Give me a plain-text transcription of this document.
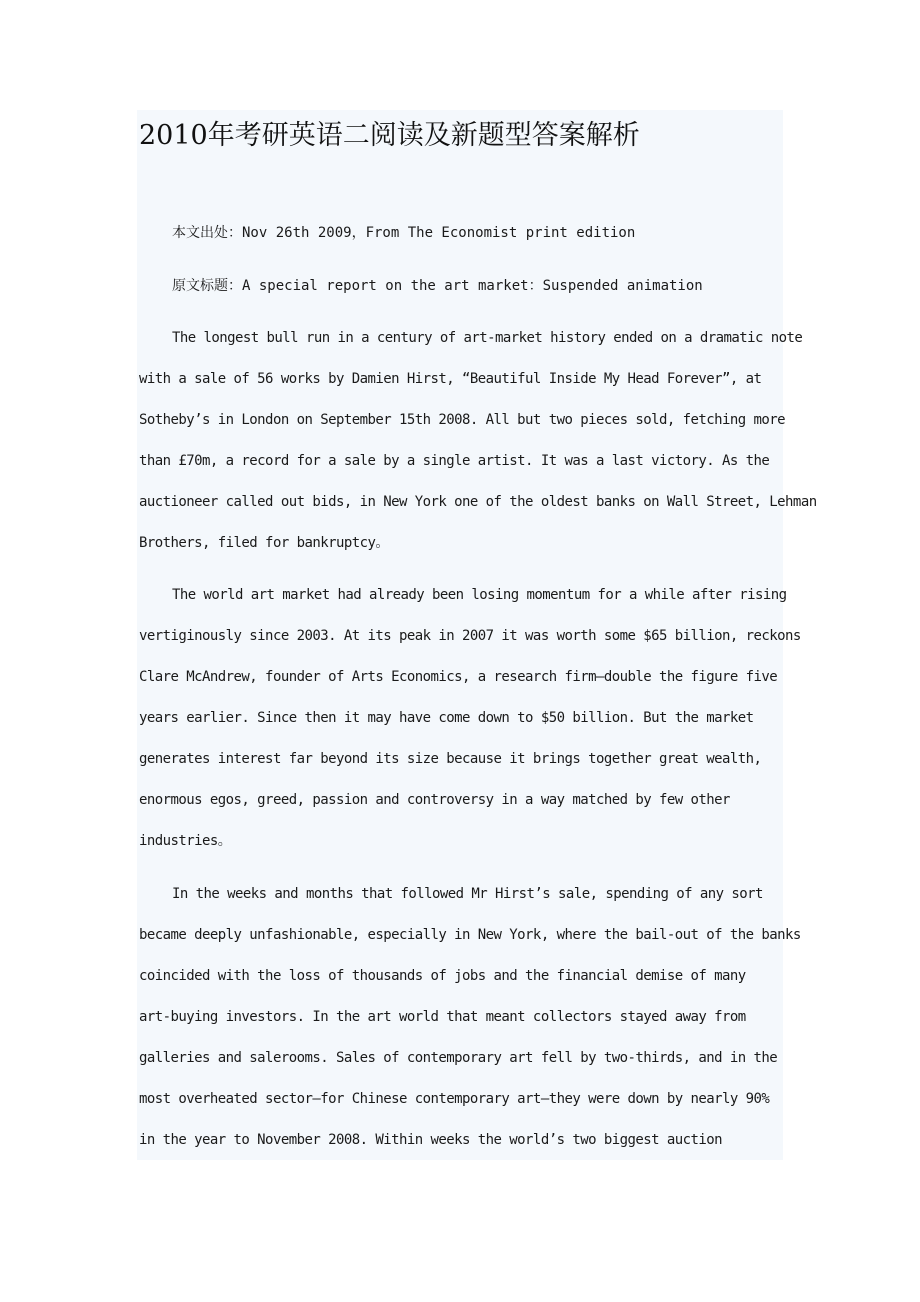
2010年考研英语二阅读及新题型答案解析

本文出处：Nov 26th 2009，From The Economist print edition

原文标题：A special report on the art market：Suspended animation

The longest bull run in a century of art-market history ended on a dramatic note

with a sale of 56 works by Damien Hirst, “Beautiful Inside My Head Forever”, at

Sotheby’s in London on September 15th 2008. All but two pieces sold, fetching more

than £70m, a record for a sale by a single artist. It was a last victory. As the

auctioneer called out bids, in New York one of the oldest banks on Wall Street, Lehman

Brothers, filed for bankruptcy。

The world art market had already been losing momentum for a while after rising

vertiginously since 2003. At its peak in 2007 it was worth some $65 billion, reckons

Clare McAndrew, founder of Arts Economics, a research firm—double the figure five

years earlier. Since then it may have come down to $50 billion. But the market

generates interest far beyond its size because it brings together great wealth,

enormous egos, greed, passion and controversy in a way matched by few other

industries。

In the weeks and months that followed Mr Hirst’s sale, spending of any sort

became deeply unfashionable, especially in New York, where the bail-out of the banks

coincided with the loss of thousands of jobs and the financial demise of many

art-buying investors. In the art world that meant collectors stayed away from

galleries and salerooms. Sales of contemporary art fell by two-thirds, and in the

most overheated sector—for Chinese contemporary art—they were down by nearly 90%

in the year to November 2008. Within weeks the world’s two biggest auction
